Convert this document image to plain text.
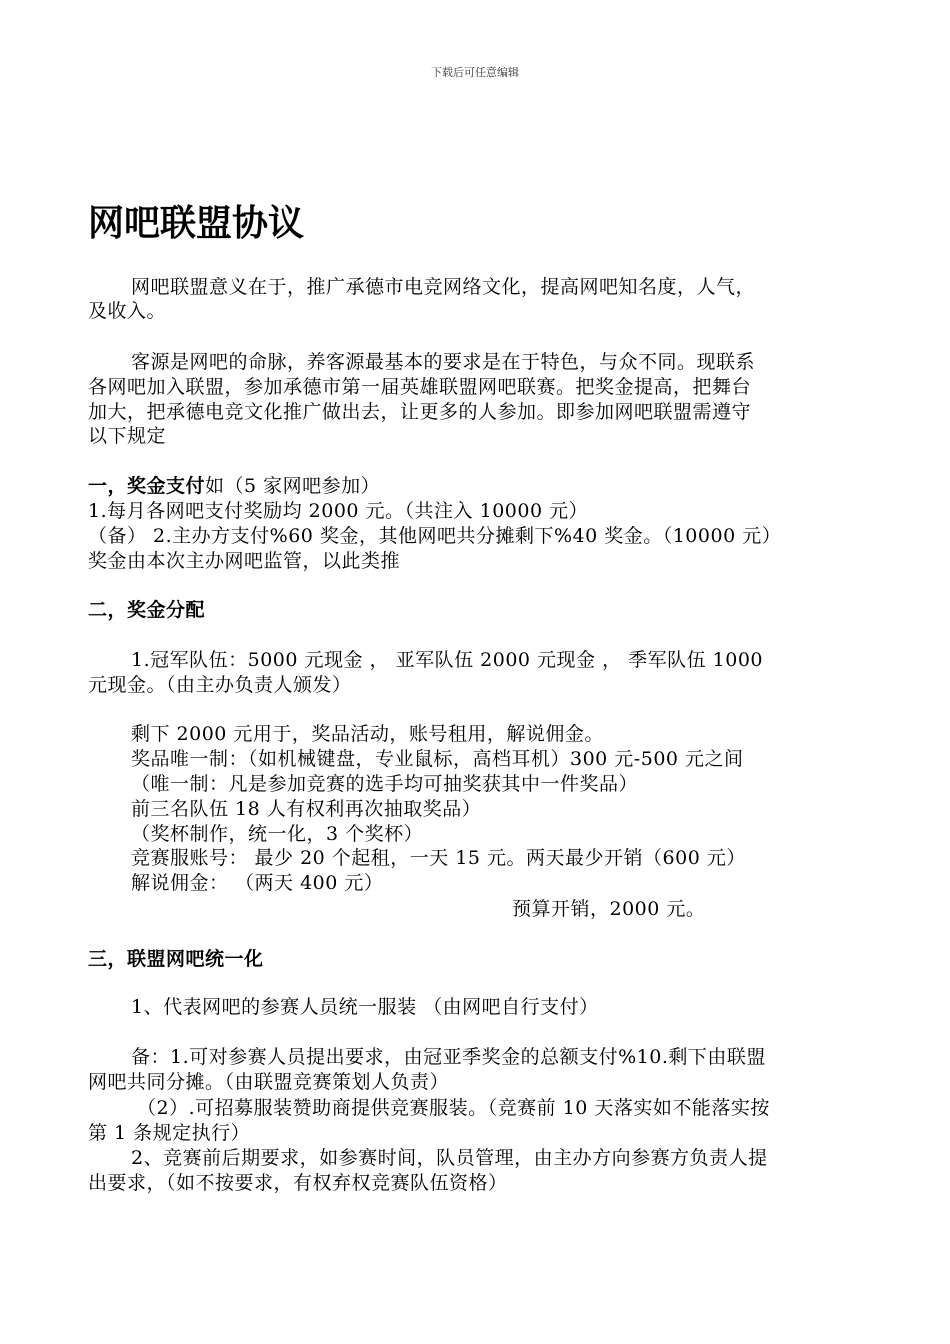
下载后可任意编辑
网吧联盟协议
网吧联盟意义在于，推广承德市电竞网络文化，提高网吧知名度，人气，
及收入。
客源是网吧的命脉，养客源最基本的要求是在于特色，与众不同。现联系
各网吧加入联盟，参加承德市第一届英雄联盟网吧联赛。把奖金提高，把舞台
加大，把承德电竞文化推广做出去，让更多的人参加。即参加网吧联盟需遵守
以下规定
一，奖金支付如（5 家网吧参加）
1.每月各网吧支付奖励均 2000 元。（共注入 10000 元）
（备） 2.主办方支付%60 奖金，其他网吧共分摊剩下%40 奖金。（10000 元）
奖金由本次主办网吧监管，以此类推
二，奖金分配
1.冠军队伍：5000 元现金 ， 亚军队伍 2000 元现金 ， 季军队伍 1000
元现金。（由主办负责人颁发）
剩下 2000 元用于，奖品活动，账号租用，解说佣金。
奖品唯一制：（如机械键盘，专业鼠标，高档耳机）300 元-500 元之间
（唯一制：凡是参加竞赛的选手均可抽奖获其中一件奖品）
前三名队伍 18 人有权利再次抽取奖品）
（奖杯制作，统一化，3 个奖杯）
竞赛服账号： 最少 20 个起租，一天 15 元。两天最少开销（600 元）
解说佣金： （两天 400 元）
预算开销，2000 元。
三，联盟网吧统一化
1、代表网吧的参赛人员统一服装 （由网吧自行支付）
备：1.可对参赛人员提出要求，由冠亚季奖金的总额支付%10.剩下由联盟
网吧共同分摊。（由联盟竞赛策划人负责）
（2）.可招募服装赞助商提供竞赛服装。（竞赛前 10 天落实如不能落实按
第 1 条规定执行）
2、竞赛前后期要求，如参赛时间，队员管理，由主办方向参赛方负责人提
出要求，（如不按要求，有权弃权竞赛队伍资格）
